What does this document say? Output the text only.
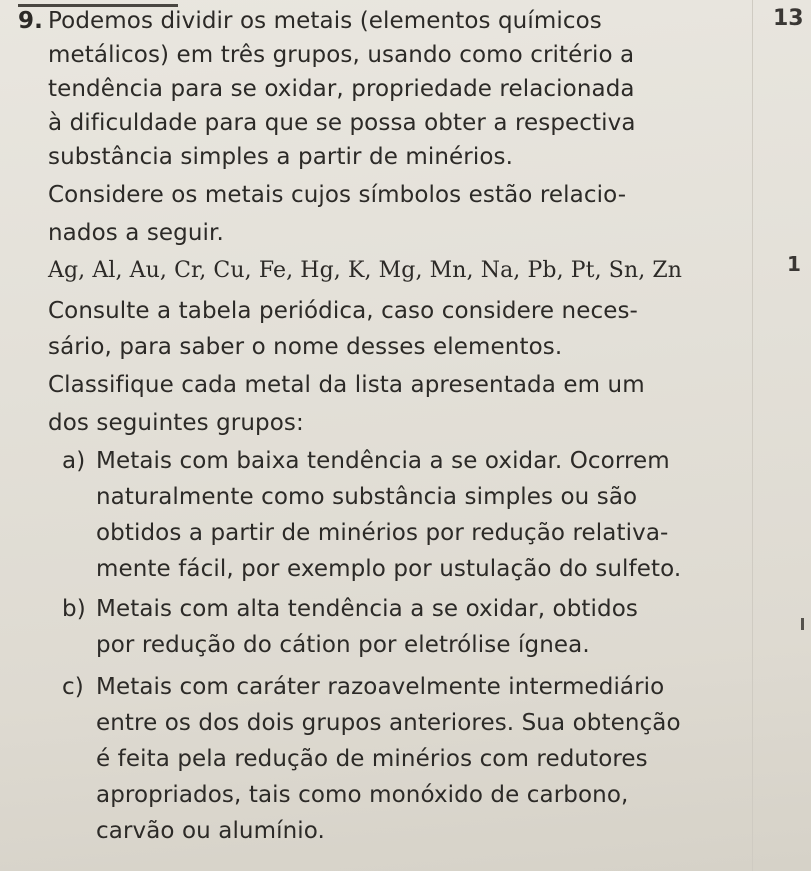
13
1
9. Podemos dividir os metais (elementos químicos
metálicos) em três grupos, usando como critério a
tendência para se oxidar, propriedade relacionada
à dificuldade para que se possa obter a respectiva
substância simples a partir de minérios.
Considere os metais cujos símbolos estão relacio-
nados a seguir.
Ag, Al, Au, Cr, Cu, Fe, Hg, K, Mg, Mn, Na, Pb, Pt, Sn, Zn
Consulte a tabela periódica, caso considere neces-
sário, para saber o nome desses elementos.
Classifique cada metal da lista apresentada em um
dos seguintes grupos:
a) Metais com baixa tendência a se oxidar. Ocorrem
naturalmente como substância simples ou são
obtidos a partir de minérios por redução relativa-
mente fácil, por exemplo por ustulação do sulfeto.
b) Metais com alta tendência a se oxidar, obtidos
por redução do cátion por eletrólise ígnea.
c) Metais com caráter razoavelmente intermediário
entre os dos dois grupos anteriores. Sua obtenção
é feita pela redução de minérios com redutores
apropriados, tais como monóxido de carbono,
carvão ou alumínio.
